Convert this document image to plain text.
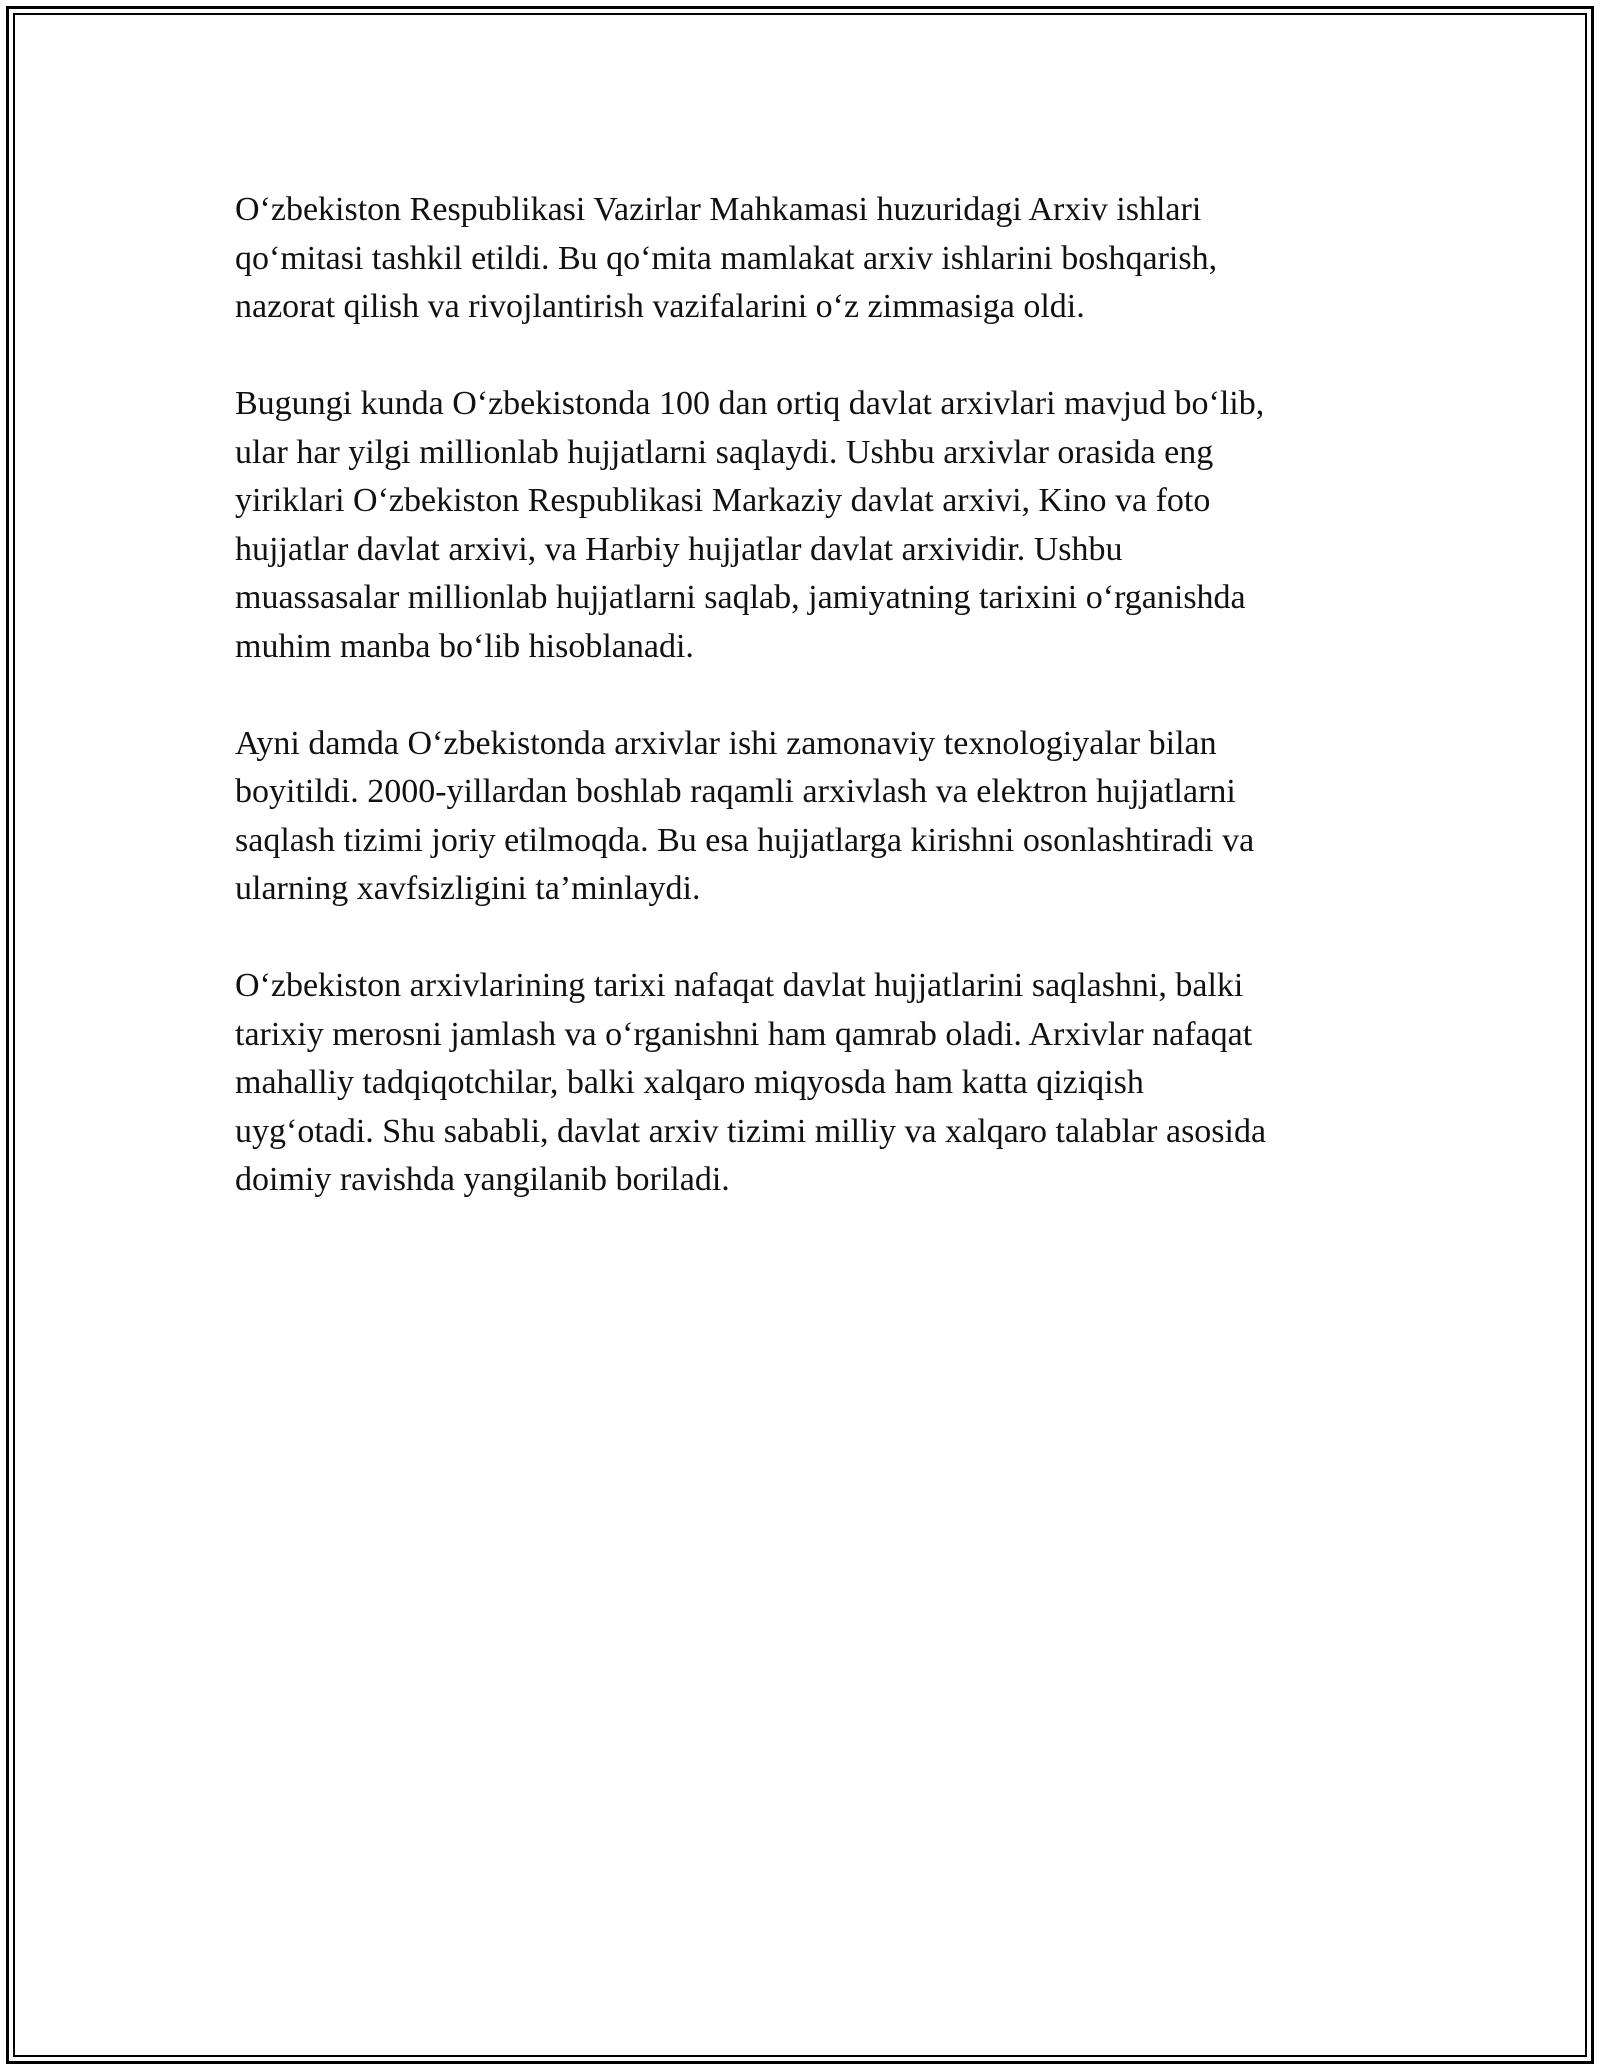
O‘zbekiston Respublikasi Vazirlar Mahkamasi huzuridagi Arxiv ishlari
qo‘mitasi tashkil etildi. Bu qo‘mita mamlakat arxiv ishlarini boshqarish,
nazorat qilish va rivojlantirish vazifalarini o‘z zimmasiga oldi.

Bugungi kunda O‘zbekistonda 100 dan ortiq davlat arxivlari mavjud bo‘lib,
ular har yilgi millionlab hujjatlarni saqlaydi. Ushbu arxivlar orasida eng
yiriklari O‘zbekiston Respublikasi Markaziy davlat arxivi, Kino va foto
hujjatlar davlat arxivi, va Harbiy hujjatlar davlat arxividir. Ushbu
muassasalar millionlab hujjatlarni saqlab, jamiyatning tarixini o‘rganishda
muhim manba bo‘lib hisoblanadi.

Ayni damda O‘zbekistonda arxivlar ishi zamonaviy texnologiyalar bilan
boyitildi. 2000-yillardan boshlab raqamli arxivlash va elektron hujjatlarni
saqlash tizimi joriy etilmoqda. Bu esa hujjatlarga kirishni osonlashtiradi va
ularning xavfsizligini ta’minlaydi.

O‘zbekiston arxivlarining tarixi nafaqat davlat hujjatlarini saqlashni, balki
tarixiy merosni jamlash va o‘rganishni ham qamrab oladi. Arxivlar nafaqat
mahalliy tadqiqotchilar, balki xalqaro miqyosda ham katta qiziqish
uyg‘otadi. Shu sababli, davlat arxiv tizimi milliy va xalqaro talablar asosida
doimiy ravishda yangilanib boriladi.
